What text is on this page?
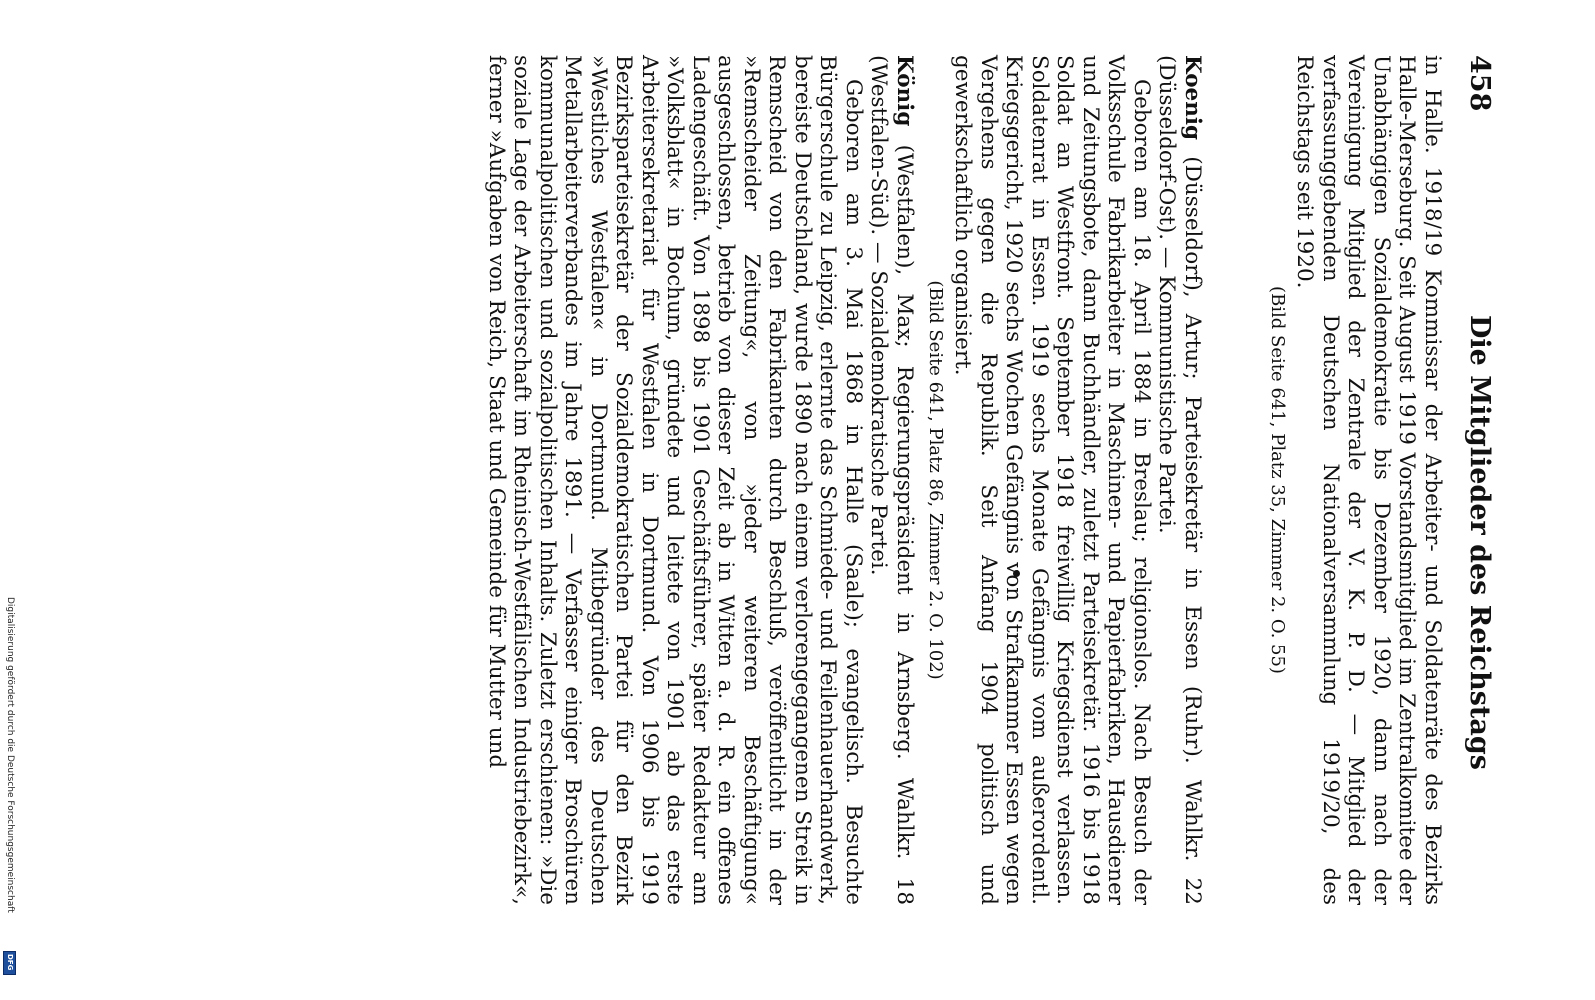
Digitalisierung gefördert durch die Deutsche Forschungsgemeinschaft
DFG
458
Die Mitglieder des Reichstags

in Halle. 1918/19 Kommissar der Arbeiter- und Soldatenräte des Bezirks Halle-Merseburg. Seit August 1919 Vorstandsmitglied im Zentralkomitee der Unabhängigen Sozialdemokratie bis Dezember 1920, dann nach der Vereinigung Mitglied der Zentrale der V. K. P. D. — Mitglied der verfassunggebenden Deutschen Nationalversammlung 1919/20, des Reichstags seit 1920.

(Bild Seite 641, Platz 35, Zimmer 2. O. 55)

Koenig (Düsseldorf), Artur; Parteisekretär in Essen (Ruhr). Wahlkr. 22 (Düsseldorf-Ost). — Kommunistische Partei.

Geboren am 18. April 1884 in Breslau; religionslos. Nach Besuch der Volksschule Fabrikarbeiter in Maschinen- und Papierfabriken, Hausdiener und Zeitungsbote, dann Buchhändler, zuletzt Parteisekretär. 1916 bis 1918 Soldat an Westfront. September 1918 freiwillig Kriegsdienst verlassen. Soldatenrat in Essen. 1919 sechs Monate Gefängnis vom außerordentl. Kriegsgericht, 1920 sechs Wochen Gefängnis von Strafkammer Essen wegen Vergehens gegen die Republik. Seit Anfang 1904 politisch und gewerkschaftlich organisiert.

(Bild Seite 641, Platz 86, Zimmer 2. O. 102)

König (Westfalen), Max; Regierungspräsident in Arnsberg. Wahlkr. 18 (Westfalen-Süd). — Sozialdemokratische Partei.

Geboren am 3. Mai 1868 in Halle (Saale); evangelisch. Besuchte Bürgerschule zu Leipzig, erlernte das Schmiede- und Feilenhauerhandwerk, bereiste Deutschland, wurde 1890 nach einem verlorengegangenen Streik in Remscheid von den Fabrikanten durch Beschluß, veröffentlicht in der »Remscheider Zeitung«, von »jeder weiteren Beschäftigung« ausgeschlossen, betrieb von dieser Zeit ab in Witten a. d. R. ein offenes Ladengeschäft. Von 1898 bis 1901 Geschäftsführer, später Redakteur am »Volksblatt« in Bochum, gründete und leitete von 1901 ab das erste Arbeitersekretariat für Westfalen in Dortmund. Von 1906 bis 1919 Bezirksparteisekretär der Sozialdemokratischen Partei für den Bezirk »Westliches Westfalen« in Dortmund. Mitbegründer des Deutschen Metallarbeiterverbandes im Jahre 1891. — Verfasser einiger Broschüren kommunalpolitischen und sozialpolitischen Inhalts. Zuletzt erschienen: »Die soziale Lage der Arbeiterschaft im Rheinisch-Westfälischen Industriebezirk«, ferner »Aufgaben von Reich, Staat und Gemeinde für Mutter und
